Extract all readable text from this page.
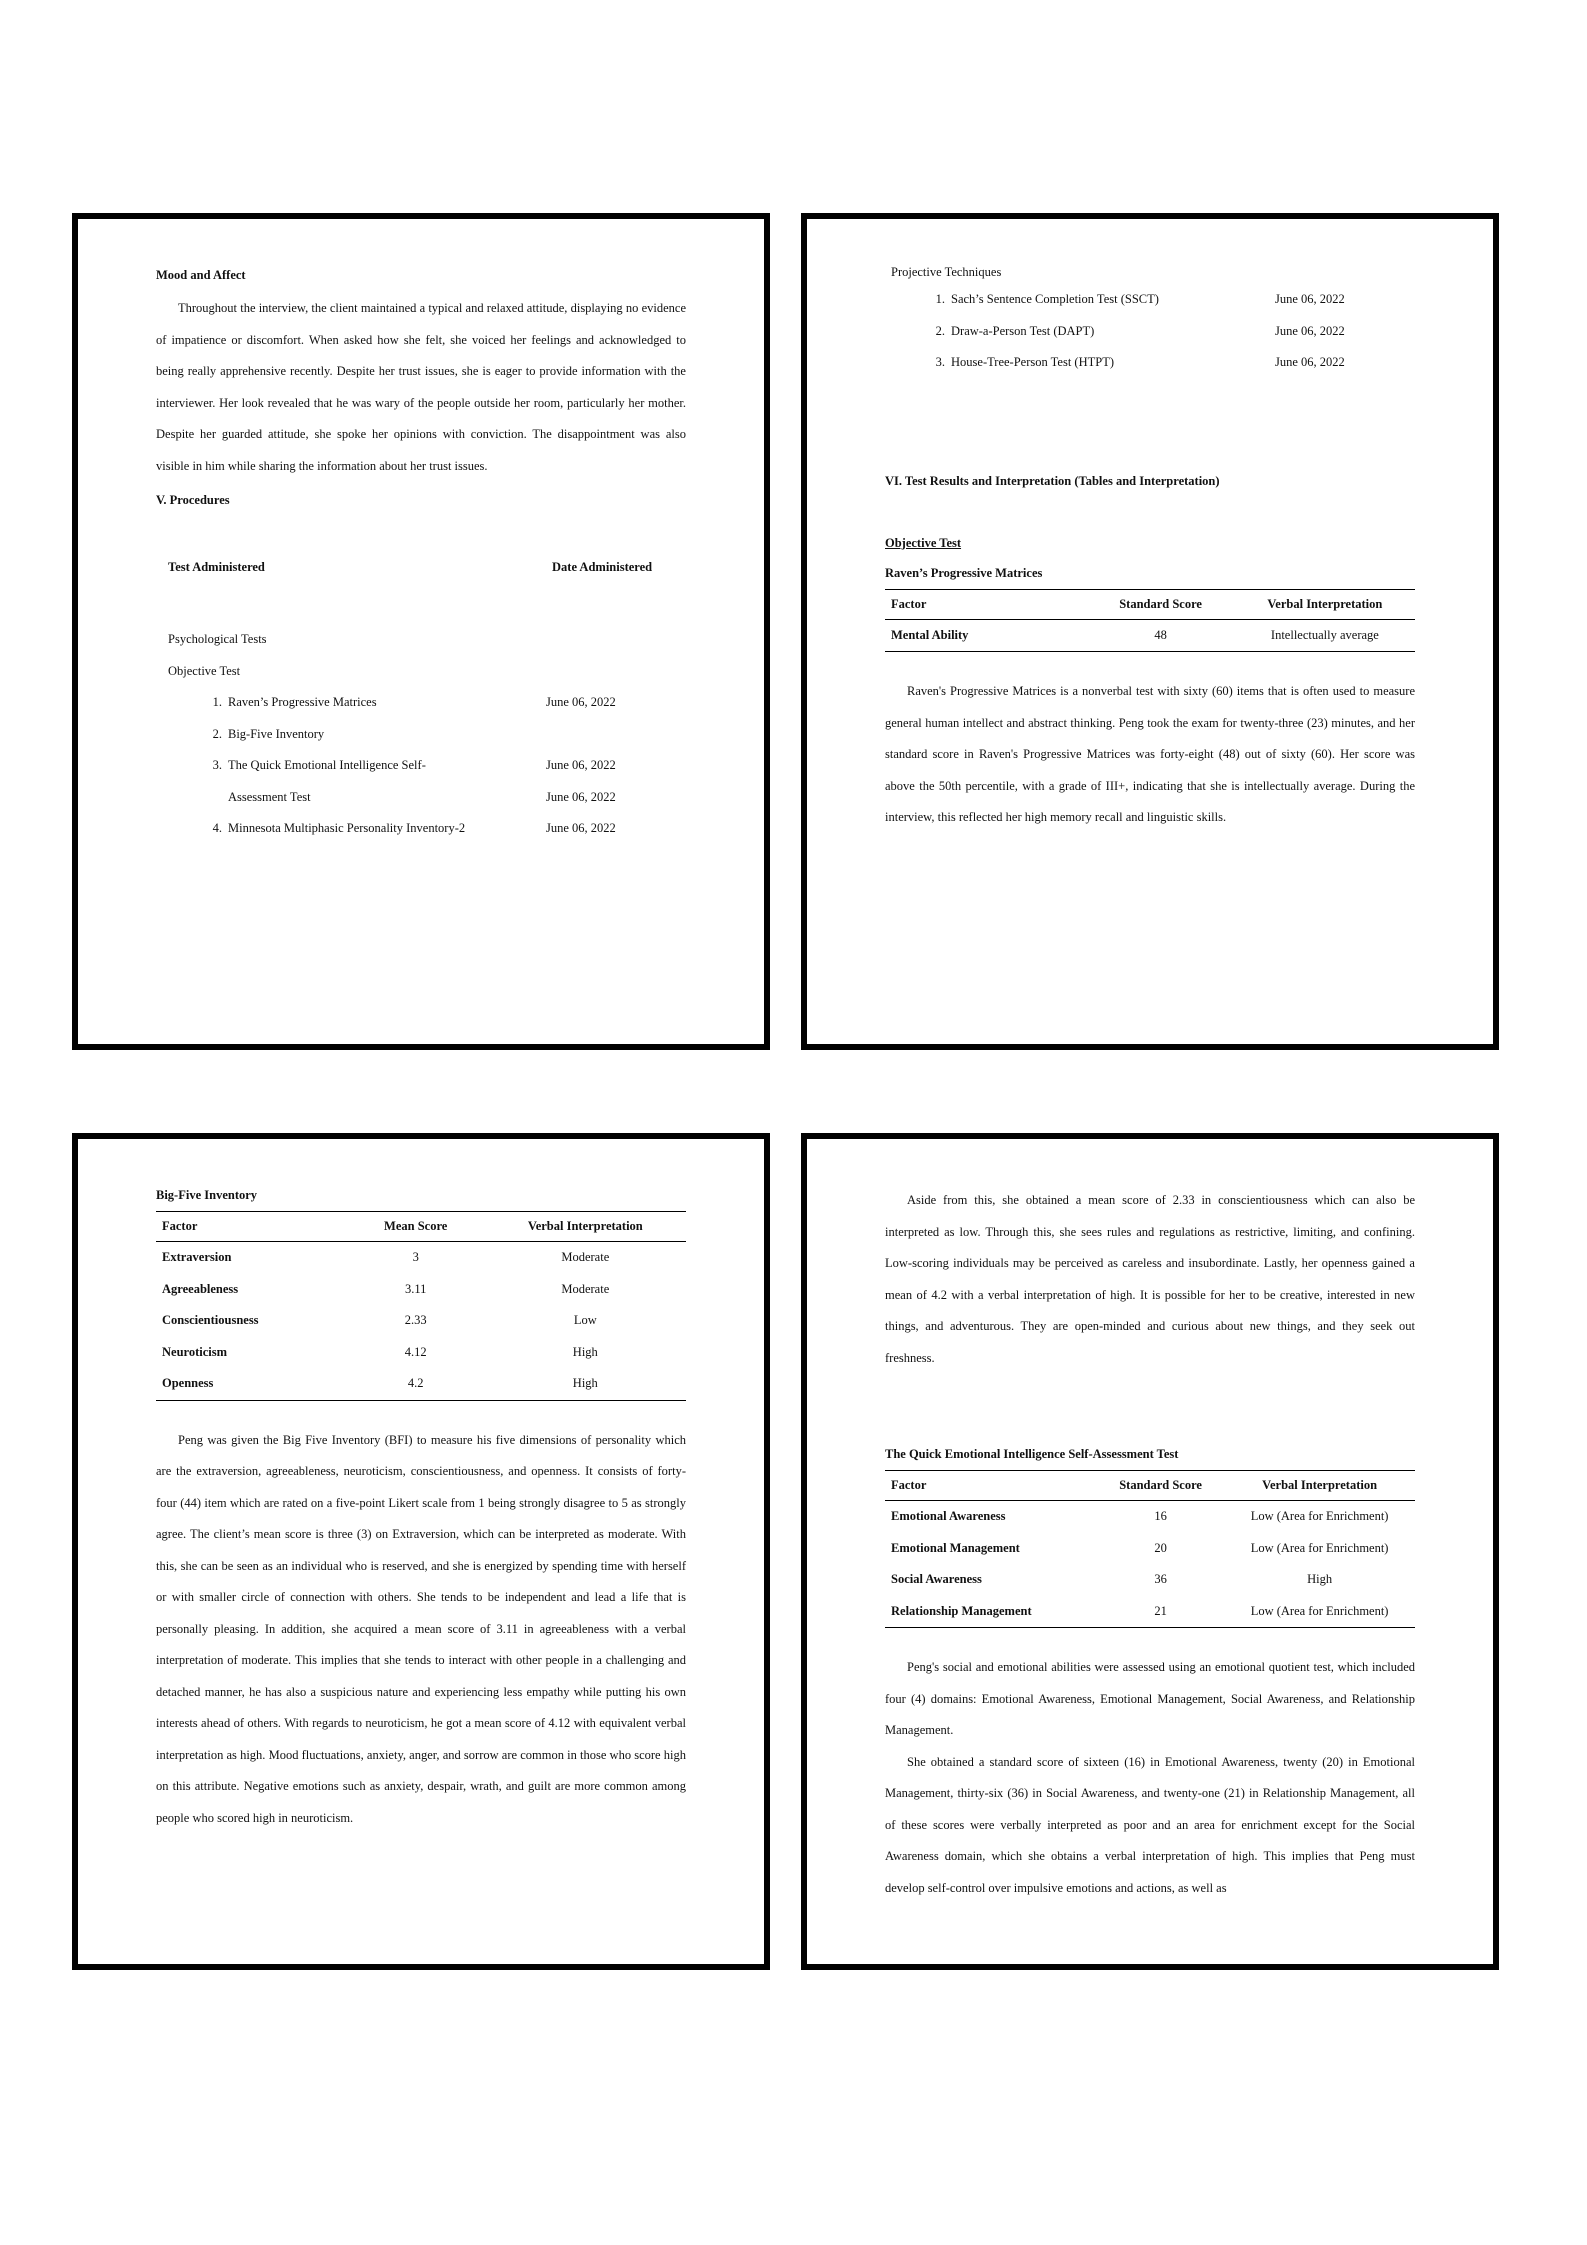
Mood and Affect

Throughout the interview, the client maintained a typical and relaxed attitude, displaying no evidence of impatience or discomfort. When asked how she felt, she voiced her feelings and acknowledged to being really apprehensive recently. Despite her trust issues, she is eager to provide information with the interviewer. Her look revealed that he was wary of the people outside her room, particularly her mother. Despite her guarded attitude, she spoke her opinions with conviction. The disappointment was also visible in him while sharing the information about her trust issues.

V. Procedures

Test Administered	Date Administered
Psychological Tests
Objective Test
1. Raven’s Progressive Matrices	June 06, 2022
2. Big-Five Inventory
3. The Quick Emotional Intelligence Self-	June 06, 2022
Assessment Test	June 06, 2022
4. Minnesota Multiphasic Personality Inventory-2	June 06, 2022
Projective Techniques
1. Sach’s Sentence Completion Test (SSCT)	June 06, 2022
2. Draw-a-Person Test (DAPT)	June 06, 2022
3. House-Tree-Person Test (HTPT)	June 06, 2022

VI. Test Results and Interpretation (Tables and Interpretation)

Objective Test

Raven’s Progressive Matrices

Factor	Standard Score	Verbal Interpretation
Mental Ability	48	Intellectually average

Raven's Progressive Matrices is a nonverbal test with sixty (60) items that is often used to measure general human intellect and abstract thinking. Peng took the exam for twenty-three (23) minutes, and her standard score in Raven's Progressive Matrices was forty-eight (48) out of sixty (60). Her score was above the 50th percentile, with a grade of III+, indicating that she is intellectually average. During the interview, this reflected her high memory recall and linguistic skills.

Big-Five Inventory

Factor	Mean Score	Verbal Interpretation
Extraversion	3	Moderate
Agreeableness	3.11	Moderate
Conscientiousness	2.33	Low
Neuroticism	4.12	High
Openness	4.2	High

Peng was given the Big Five Inventory (BFI) to measure his five dimensions of personality which are the extraversion, agreeableness, neuroticism, conscientiousness, and openness. It consists of forty-four (44) item which are rated on a five-point Likert scale from 1 being strongly disagree to 5 as strongly agree. The client’s mean score is three (3) on Extraversion, which can be interpreted as moderate. With this, she can be seen as an individual who is reserved, and she is energized by spending time with herself or with smaller circle of connection with others. She tends to be independent and lead a life that is personally pleasing. In addition, she acquired a mean score of 3.11 in agreeableness with a verbal interpretation of moderate. This implies that she tends to interact with other people in a challenging and detached manner, he has also a suspicious nature and experiencing less empathy while putting his own interests ahead of others. With regards to neuroticism, he got a mean score of 4.12 with equivalent verbal interpretation as high. Mood fluctuations, anxiety, anger, and sorrow are common in those who score high on this attribute. Negative emotions such as anxiety, despair, wrath, and guilt are more common among people who scored high in neuroticism.

Aside from this, she obtained a mean score of 2.33 in conscientiousness which can also be interpreted as low. Through this, she sees rules and regulations as restrictive, limiting, and confining. Low-scoring individuals may be perceived as careless and insubordinate. Lastly, her openness gained a mean of 4.2 with a verbal interpretation of high. It is possible for her to be creative, interested in new things, and adventurous. They are open-minded and curious about new things, and they seek out freshness.

The Quick Emotional Intelligence Self-Assessment Test

Factor	Standard Score	Verbal Interpretation
Emotional Awareness	16	Low (Area for Enrichment)
Emotional Management	20	Low (Area for Enrichment)
Social Awareness	36	High
Relationship Management	21	Low (Area for Enrichment)

Peng's social and emotional abilities were assessed using an emotional quotient test, which included four (4) domains: Emotional Awareness, Emotional Management, Social Awareness, and Relationship Management.

She obtained a standard score of sixteen (16) in Emotional Awareness, twenty (20) in Emotional Management, thirty-six (36) in Social Awareness, and twenty-one (21) in Relationship Management, all of these scores were verbally interpreted as poor and an area for enrichment except for the Social Awareness domain, which she obtains a verbal interpretation of high. This implies that Peng must develop self-control over impulsive emotions and actions, as well as
